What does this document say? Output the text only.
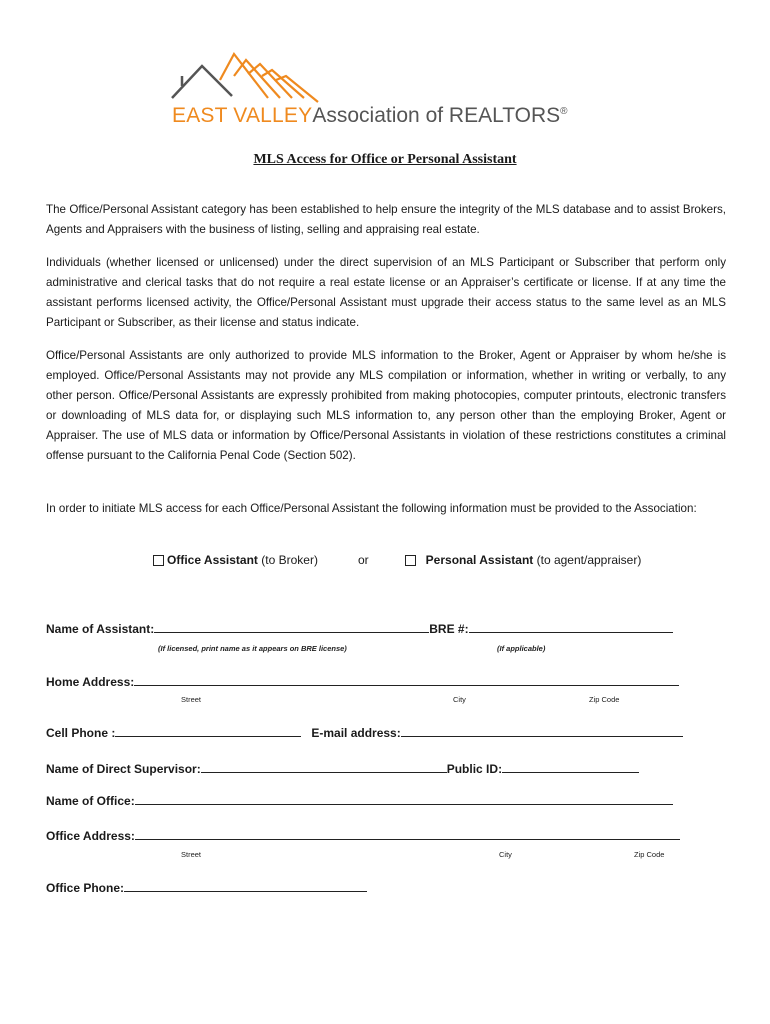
EAST VALLEYAssociation of REALTORS®
MLS Access for Office or Personal Assistant

The Office/Personal Assistant category has been established to help ensure the integrity of the MLS database and to assist Brokers, Agents and Appraisers with the business of listing, selling and appraising real estate.

Individuals (whether licensed or unlicensed) under the direct supervision of an MLS Participant or Subscriber that perform only administrative and clerical tasks that do not require a real estate license or an Appraiser’s certificate or license. If at any time the assistant performs licensed activity, the Office/Personal Assistant must upgrade their access status to the same level as an MLS Participant or Subscriber, as their license and status indicate.

Office/Personal Assistants are only authorized to provide MLS information to the Broker, Agent or Appraiser by whom he/she is employed. Office/Personal Assistants may not provide any MLS compilation or information, whether in writing or verbally, to any other person. Office/Personal Assistants are expressly prohibited from making photocopies, computer printouts, electronic transfers or downloading of MLS data for, or displaying such MLS information to, any person other than the employing Broker, Agent or Appraiser. The use of MLS data or information by Office/Personal Assistants in violation of these restrictions constitutes a criminal offense pursuant to the California Penal Code (Section 502).

In order to initiate MLS access for each Office/Personal Assistant the following information must be provided to the Association:

Office Assistant (to Broker)	or	Personal Assistant (to agent/appraiser)
Name of Assistant:	BRE #:
(If licensed, print name as it appears on BRE license)	(If applicable)
Home Address:
Street	City	Zip Code
Cell Phone :	E-mail address:
Name of Direct Supervisor:	Public ID:
Name of Office:
Office Address:
Street	City	Zip Code
Office Phone:
